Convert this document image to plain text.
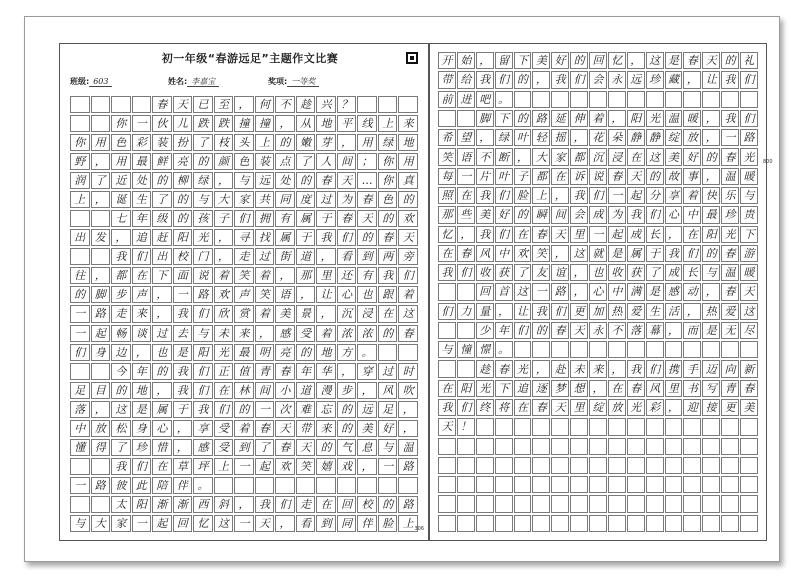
初一年级“春游远足”主题作文比赛
班级: 603	姓名: 李嘉宝	奖项: 一等奖
春 天 已 至 ， 何 不 趁 兴 ？
你 一 伙 儿 跌 跌 撞 撞 ， 从 地 平 线 上 来
你 用 色 彩 装 扮 了 枝 头 上 的 嫩 芽 ， 用 绿 地
野 ， 用 最 鲜 亮 的 颜 色 装 点 了 人 间 ； 你 用
润 了 近 处 的 柳 绿 ， 与 远 处 的 春 天 … 你 真
上 ， 诞 生 了 的 与 大 家 共 同 度 过 为 春 色 的
七 年 级 的 孩 子 们 拥 有 属 于 春 天 的 欢
出 发 ， 追 赶 阳 光 ， 寻 找 属 于 我 们 的 春 天
我 们 出 校 门 ， 走 过 街 道 ， 看 到 两 旁
往 ， 都 在 下 面 说 着 笑 着 ， 那 里 还 有 我 们
的 脚 步 声 ， 一 路 欢 声 笑 语 ， 让 心 也 跟 着
一 路 走 来 ， 我 们 欣 赏 着 美 景 ， 沉 浸 在 这
一 起 畅 谈 过 去 与 未 来 ， 感 受 着 浓 浓 的 春
们 身 边 ， 也 是 阳 光 最 明 亮 的 地 方 。
今 年 的 我 们 正 值 青 春 年 华 ， 穿 过 时
足 目 的 地 ， 我 们 在 林 间 小 道 漫 步 ， 风 吹
落 ， 这 是 属 于 我 们 的 一 次 难 忘 的 远 足 ，
中 放 松 身 心 ， 享 受 着 春 天 带 来 的 美 好 ，
懂 得 了 珍 惜 ， 感 受 到 了 春 天 的 气 息 与 温
我 们 在 草 坪 上 一 起 欢 笑 嬉 戏 ， 一 路
一 路 彼 此 陪 伴 。
太 阳 渐 渐 西 斜 ， 我 们 走 在 回 校 的 路
与 大 家 一 起 回 忆 这 一 天 ， 看 到 同 伴 脸 上 306
开 始 ， 留 下 美 好 的 回 忆 ， 这 是 春 天 的 礼
带 给 我 们 的 ， 我 们 会 永 远 珍 藏 ， 让 我 们
前 进 吧 。
脚 下 的 路 延 伸 着 ， 阳 光 温 暖 ， 我 们
希 望 ， 绿 叶 轻 摇 ， 花 朵 静 静 绽 放 ， 一 路
笑 语 不 断 ， 大 家 都 沉 浸 在 这 美 好 的 春 光
每 一 片 叶 子 都 在 诉 说 春 天 的 故 事 ， 温 暖
照 在 我 们 脸 上 ， 我 们 一 起 分 享 着 快 乐 与
那 些 美 好 的 瞬 间 会 成 为 我 们 心 中 最 珍 贵
忆 ， 我 们 在 春 天 里 一 起 成 长 ， 在 阳 光 下
在 春 风 中 欢 笑 ， 这 就 是 属 于 我 们 的 春 游
我 们 收 获 了 友 谊 ， 也 收 获 了 成 长 与 温 暖
回 首 这 一 路 ， 心 中 满 是 感 动 ， 春 天
们 力 量 ， 让 我 们 更 加 热 爱 生 活 ， 热 爱 这
少 年 们 的 春 天 永 不 落 幕 ， 而 是 无 尽
与 憧 憬 。
趁 春 光 ， 赴 未 来 ， 我 们 携 手 迈 向 新
在 阳 光 下 追 逐 梦 想 ， 在 春 风 里 书 写 青 春
我 们 终 将 在 春 天 里 绽 放 光 彩 ， 迎 接 更 美
天 ！
800
